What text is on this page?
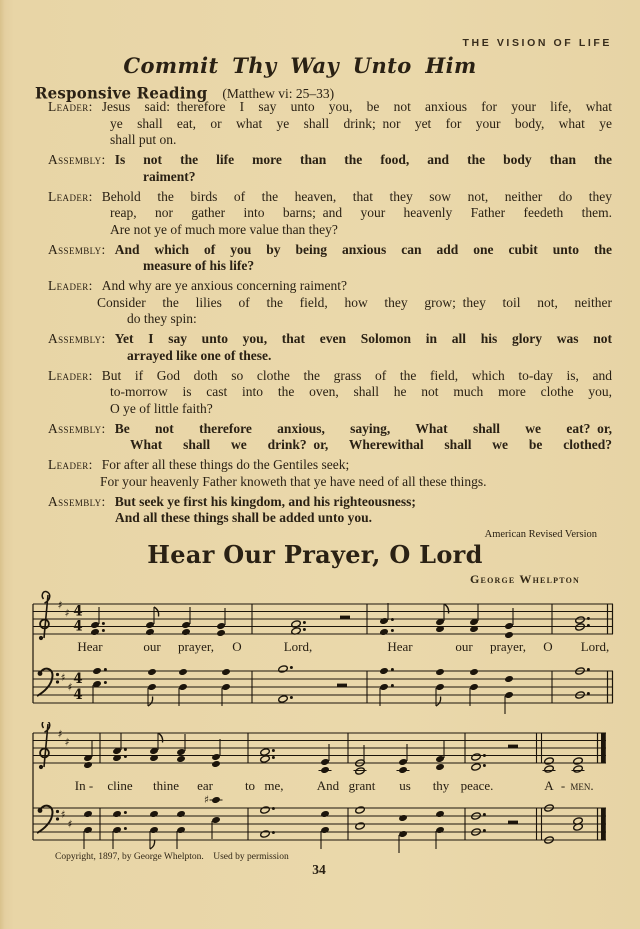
THE VISION OF LIFE
Commit Thy Way Unto Him
Responsive Reading (Matthew vi: 25–33)
Leader: Jesus said: therefore I say unto you, be not anxious for your life, what
ye shall eat, or what ye shall drink; nor yet for your body, what ye
shall put on.
Assembly: Is not the life more than the food, and the body than the
raiment?
Leader: Behold the birds of the heaven, that they sow not, neither do they
reap, nor gather into barns; and your heavenly Father feedeth them.
Are not ye of much more value than they?
Assembly: And which of you by being anxious can add one cubit unto the
measure of his life?
Leader: And why are ye anxious concerning raiment?
Consider the lilies of the field, how they grow; they toil not, neither
do they spin:
Assembly: Yet I say unto you, that even Solomon in all his glory was not
arrayed like one of these.
Leader: But if God doth so clothe the grass of the field, which to-day is, and
to-morrow is cast into the oven, shall he not much more clothe you,
O ye of little faith?
Assembly: Be not therefore anxious, saying, What shall we eat? or,
What shall we drink? or, Wherewithal shall we be clothed?
Leader: For after all these things do the Gentiles seek;
For your heavenly Father knoweth that ye have need of all these things.
Assembly: But seek ye first his kingdom, and his righteousness;
And all these things shall be added unto you.
American Revised Version
Hear Our Prayer, O Lord
George Whelpton
♯
♯ 4
4
♯
♯
4
4
Hear	our prayer, O	Lord,	Hear	our prayer, O Lord,
♯
♯
♯
♯
♯
In - cline thine ear to me,	And grant us thy peace.	A - men.
Copyright, 1897, by George Whelpton. Used by permission
34
